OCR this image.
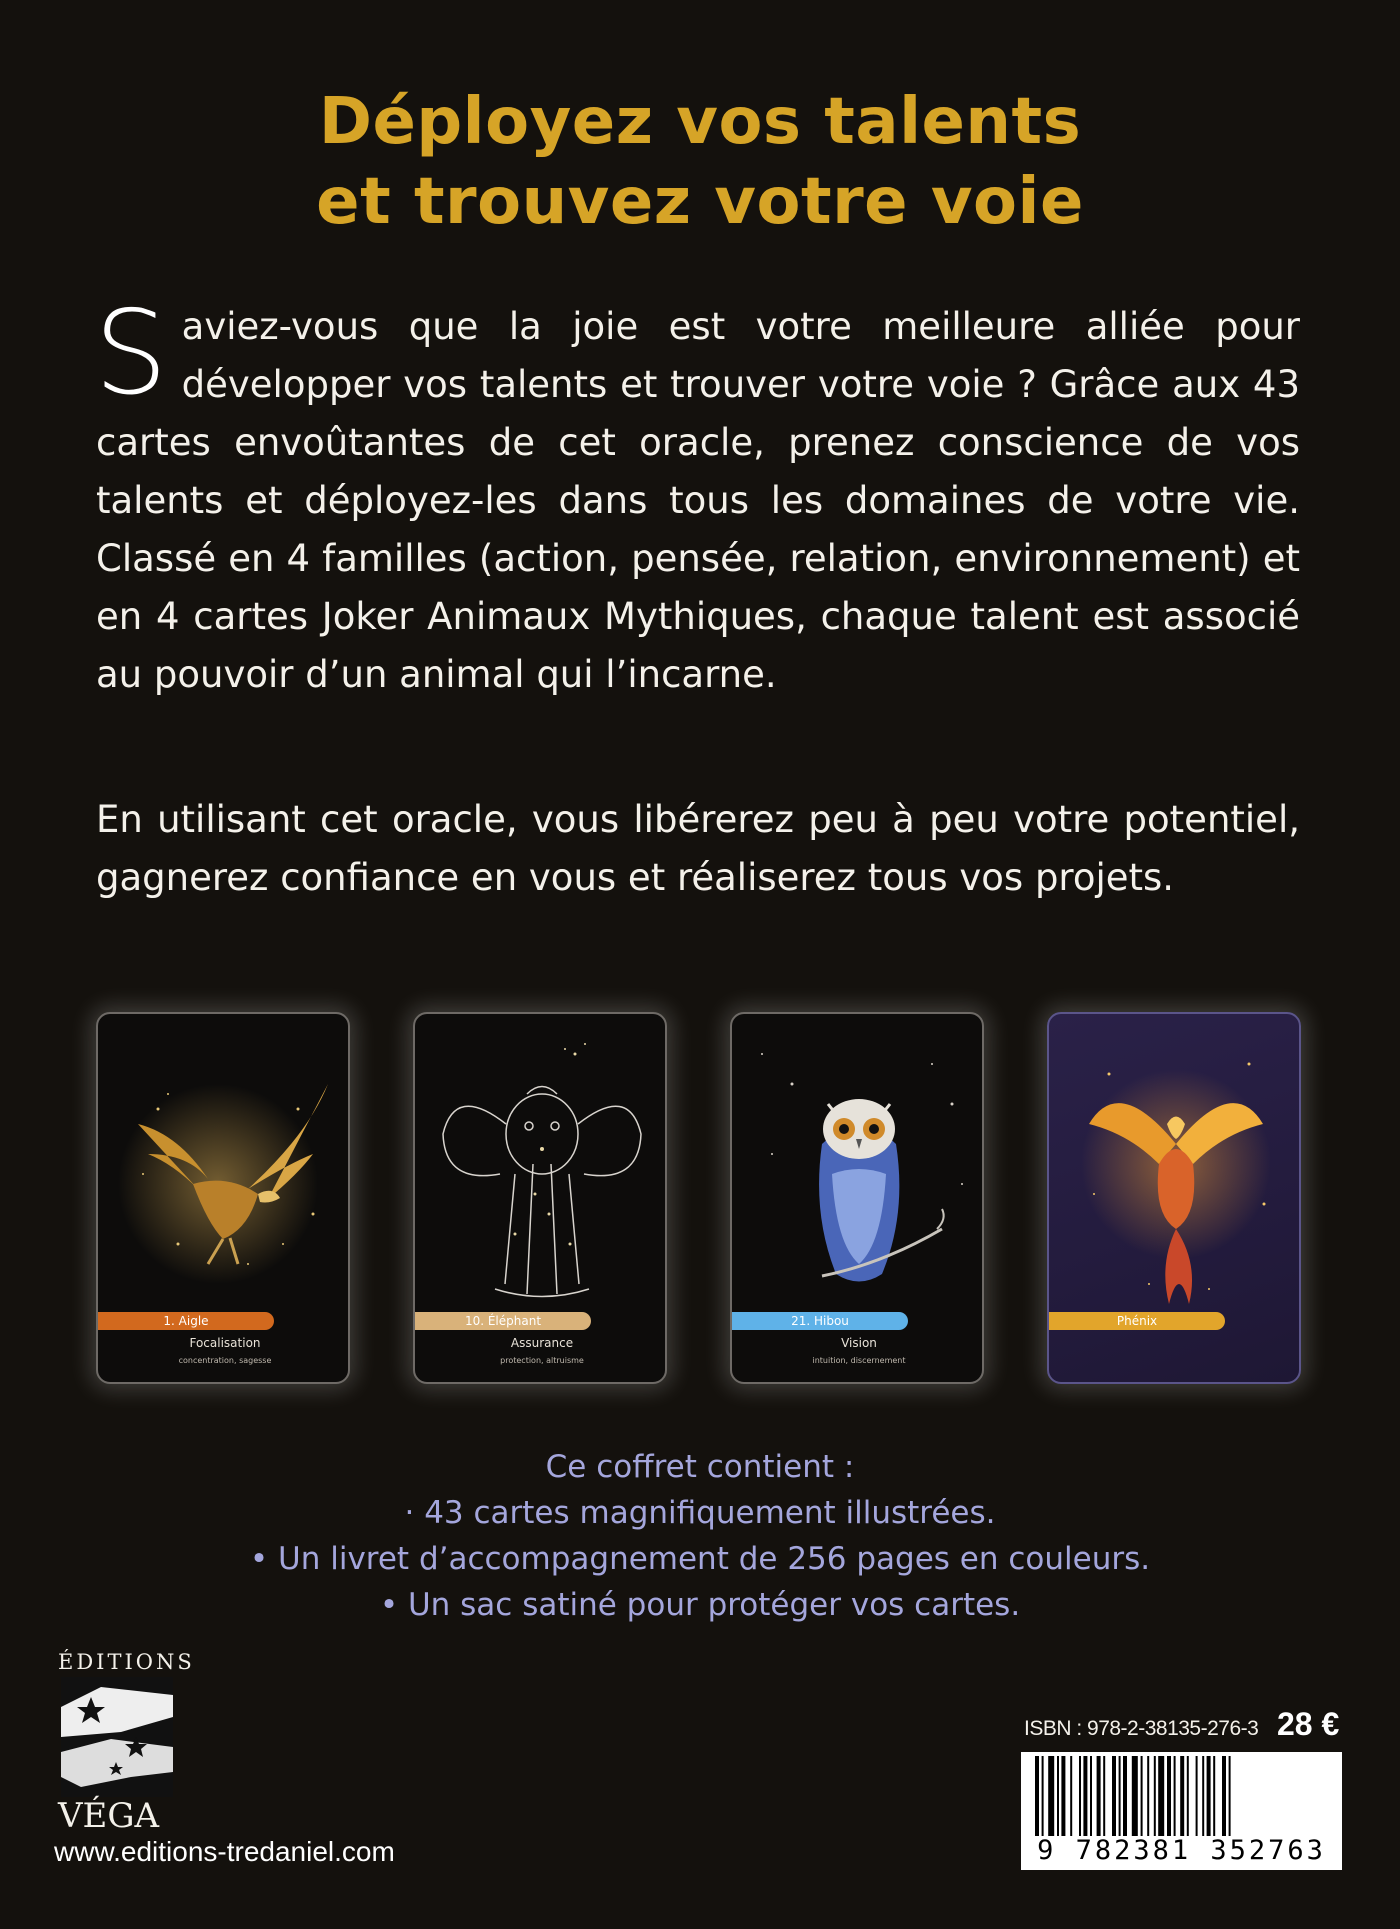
Déployez vos talents
et trouvez votre voie
Saviez-vous que la joie est votre meilleure alliée pour développer vos talents et trouver votre voie ? Grâce aux 43 cartes envoûtantes de cet oracle, prenez conscience de vos talents et déployez-les dans tous les domaines de votre vie. Classé en 4 familles (action, pensée, relation, environnement) et en 4 cartes Joker Animaux Mythiques, chaque talent est associé au pouvoir d’un animal qui l’incarne.
En utilisant cet oracle, vous libérerez peu à peu votre potentiel, gagnerez confiance en vous et réaliserez tous vos projets.
1. Aigle
Focalisation
concentration, sagesse
10. Éléphant
Assurance
protection, altruisme
21. Hibou
Vision
intuition, discernement
Phénix
Ce coffret contient :
· 43 cartes magnifiquement illustrées.
• Un livret d’accompagnement de 256 pages en couleurs.
• Un sac satiné pour protéger vos cartes.
ÉDITIONS
VÉGA
www.editions-tredaniel.com
ISBN : 978-2-38135-276-3 28 €
9 782381 352763
